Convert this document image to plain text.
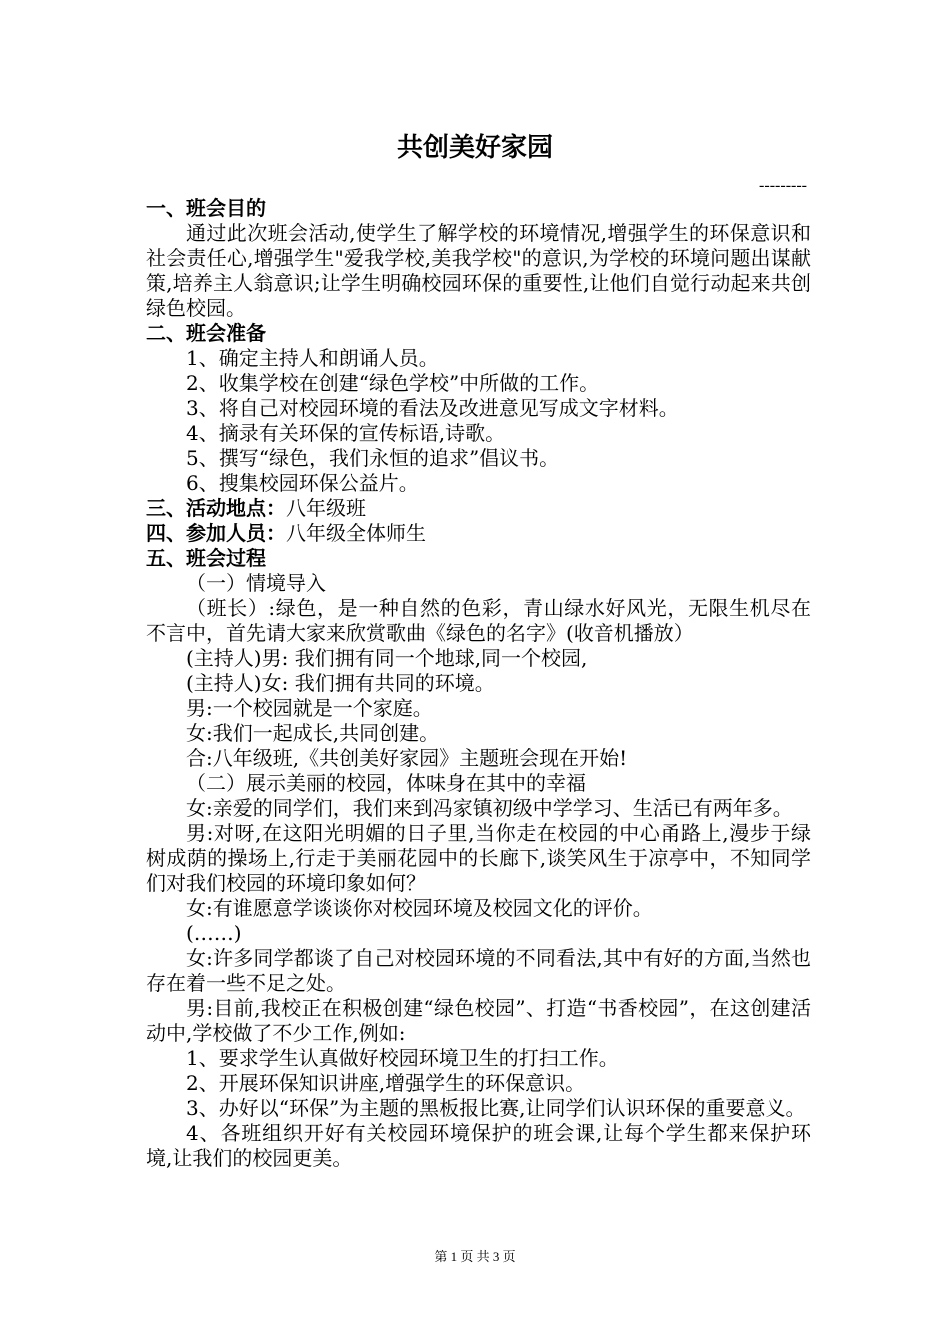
共创美好家园
---------

一、班会目的

通过此次班会活动,使学生了解学校的环境情况,增强学生的环保意识和社会责任心,增强学生"爱我学校,美我学校"的意识,为学校的环境问题出谋献策,培养主人翁意识;让学生明确校园环保的重要性,让他们自觉行动起来共创绿色校园。

二、班会准备

1、确定主持人和朗诵人员。

2、收集学校在创建“绿色学校”中所做的工作。

3、将自己对校园环境的看法及改进意见写成文字材料。

4、摘录有关环保的宣传标语,诗歌。

5、撰写“绿色，我们永恒的追求”倡议书。

6、搜集校园环保公益片。

三、活动地点：八年级班

四、参加人员：八年级全体师生

五、班会过程

（一）情境导入

（班长）:绿色，是一种自然的色彩，青山绿水好风光，无限生机尽在不言中，首先请大家来欣赏歌曲《绿色的名字》(收音机播放）

(主持人)男: 我们拥有同一个地球,同一个校园,

(主持人)女: 我们拥有共同的环境。

男:一个校园就是一个家庭。

女:我们一起成长,共同创建。

合:八年级班,《共创美好家园》主题班会现在开始!

（二）展示美丽的校园，体味身在其中的幸福

女:亲爱的同学们，我们来到冯家镇初级中学学习、生活已有两年多。

男:对呀,在这阳光明媚的日子里,当你走在校园的中心甬路上,漫步于绿树成荫的操场上,行走于美丽花园中的长廊下,谈笑风生于凉亭中，不知同学们对我们校园的环境印象如何？

女:有谁愿意学谈谈你对校园环境及校园文化的评价。

(……)

女:许多同学都谈了自己对校园环境的不同看法,其中有好的方面,当然也存在着一些不足之处。

男:目前,我校正在积极创建“绿色校园”、打造“书香校园”，在这创建活动中,学校做了不少工作,例如:

1、要求学生认真做好校园环境卫生的打扫工作。

2、开展环保知识讲座,增强学生的环保意识。

3、办好以“环保”为主题的黑板报比赛,让同学们认识环保的重要意义。

4、各班组织开好有关校园环境保护的班会课,让每个学生都来保护环境,让我们的校园更美。

第 1 页 共 3 页
